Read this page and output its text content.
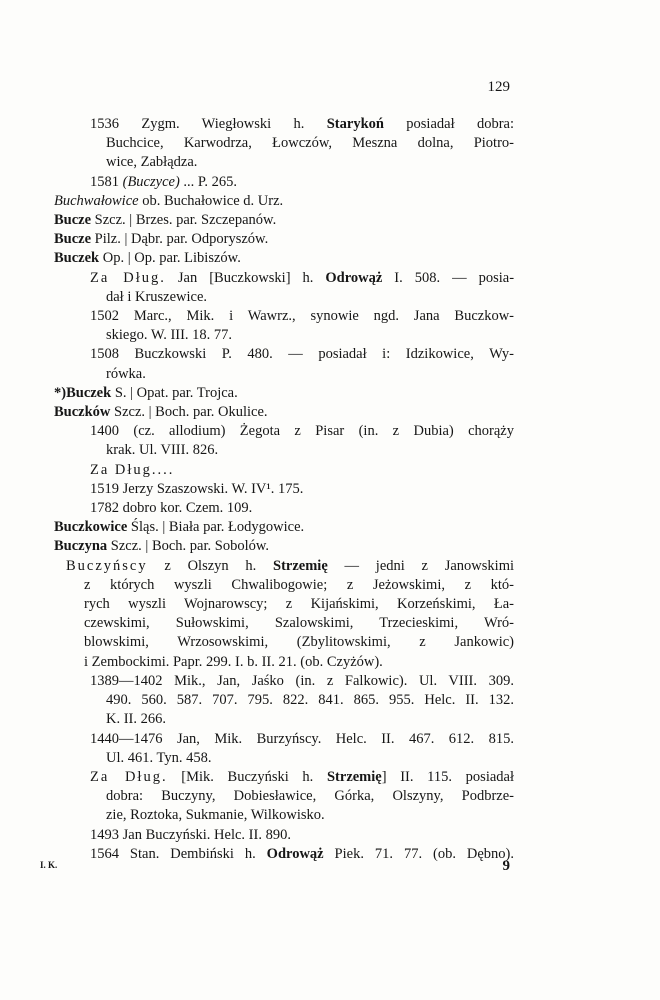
129
1536 Zygm. Wiegłowski h. Starykoń posiadał dobra:
Buchcice, Karwodrza, Łowczów, Meszna dolna, Piotro-
wice, Zabłądza.
1581 (Buczyce) ... P. 265.
Buchwałowice ob. Buchałowice d. Urz.
Bucze Szcz. | Brzes. par. Szczepanów.
Bucze Pilz. | Dąbr. par. Odporyszów.
Buczek Op. | Op. par. Libiszów.
Za Dług. Jan [Buczkowski] h. Odrowąż I. 508. — posia-
dał i Kruszewice.
1502 Marc., Mik. i Wawrz., synowie ngd. Jana Buczkow-
skiego. W. III. 18. 77.
1508 Buczkowski P. 480. — posiadał i: Idzikowice, Wy-
rówka.
*)Buczek S. | Opat. par. Trojca.
Buczków Szcz. | Boch. par. Okulice.
1400 (cz. allodium) Żegota z Pisar (in. z Dubia) chorąży
krak. Ul. VIII. 826.
Za Dług....
1519 Jerzy Szaszowski. W. IV¹. 175.
1782 dobro kor. Czem. 109.
Buczkowice Śląs. | Biała par. Łodygowice.
Buczyna Szcz. | Boch. par. Sobolów.
Buczyńscy z Olszyn h. Strzemię — jedni z Janowskimi
z których wyszli Chwalibogowie; z Jeżowskimi, z któ-
rych wyszli Wojnarowscy; z Kijańskimi, Korzeńskimi, Ła-
czewskimi, Sułowskimi, Szalowskimi, Trzecieskimi, Wró-
blowskimi, Wrzosowskimi, (Zbylitowskimi, z Jankowic)
i Zembockimi. Papr. 299. I. b. II. 21. (ob. Czyżów).
1389—1402 Mik., Jan, Jaśko (in. z Falkowic). Ul. VIII. 309.
490. 560. 587. 707. 795. 822. 841. 865. 955. Helc. II. 132.
K. II. 266.
1440—1476 Jan, Mik. Burzyńscy. Helc. II. 467. 612. 815.
Ul. 461. Tyn. 458.
Za Dług. [Mik. Buczyński h. Strzemię] II. 115. posiadał
dobra: Buczyny, Dobiesławice, Górka, Olszyny, Podbrze-
zie, Roztoka, Sukmanie, Wilkowisko.
1493 Jan Buczyński. Helc. II. 890.
1564 Stan. Dembiński h. Odrowąż Piek. 71. 77. (ob. Dębno).
I. K.	9
